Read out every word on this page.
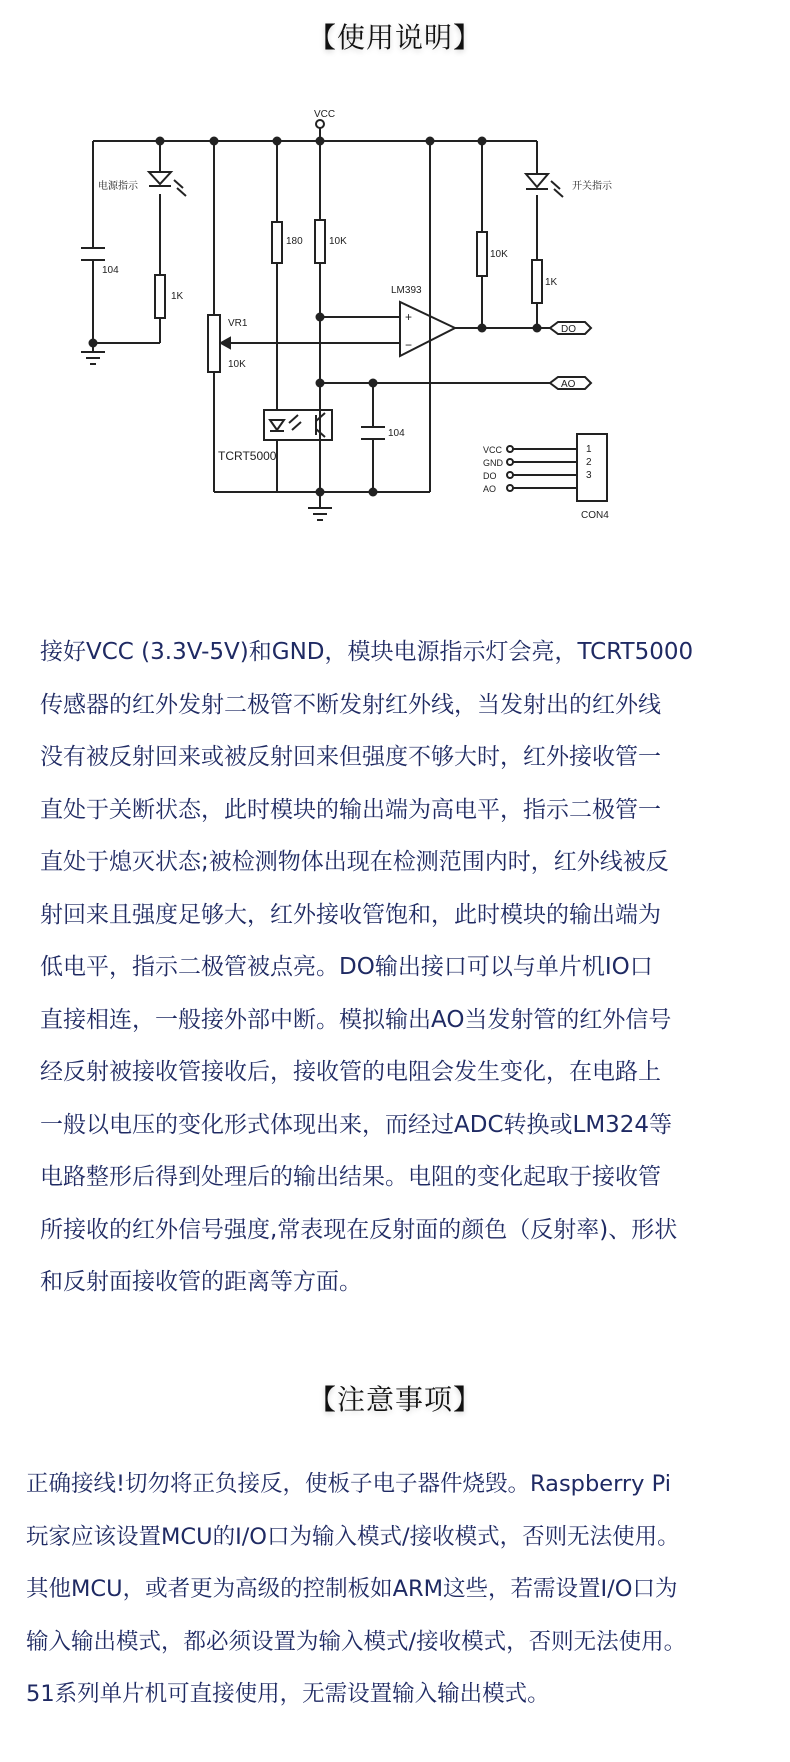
【使用说明】
VCC
电源指示	开关指示
104
1K
180	10K
10K
1K
VR1
10K
LM393
+
−
TCRT5000
104
DO
AO
VCC
GND
DO
AO
1
2
3
CON4

接好VCC (3.3V-5V)和GND，模块电源指示灯会亮，TCRT5000
传感器的红外发射二极管不断发射红外线，当发射出的红外线
没有被反射回来或被反射回来但强度不够大时，红外接收管一
直处于关断状态，此时模块的输出端为高电平，指示二极管一
直处于熄灭状态;被检测物体出现在检测范围内时，红外线被反
射回来且强度足够大，红外接收管饱和，此时模块的输出端为
低电平，指示二极管被点亮。DO输出接口可以与单片机IO口
直接相连，一般接外部中断。模拟输出AO当发射管的红外信号
经反射被接收管接收后，接收管的电阻会发生变化，在电路上
一般以电压的变化形式体现出来，而经过ADC转换或LM324等
电路整形后得到处理后的输出结果。电阻的变化起取于接收管
所接收的红外信号强度,常表现在反射面的颜色（反射率)、形状
和反射面接收管的距离等方面。

【注意事项】

正确接线!切勿将正负接反，使板子电子器件烧毁。Raspberry Pi
玩家应该设置MCU的I/O口为输入模式/接收模式，否则无法使用。
其他MCU，或者更为高级的控制板如ARM这些，若需设置I/O口为
输入输出模式，都必须设置为输入模式/接收模式，否则无法使用。
51系列单片机可直接使用，无需设置输入输出模式。
